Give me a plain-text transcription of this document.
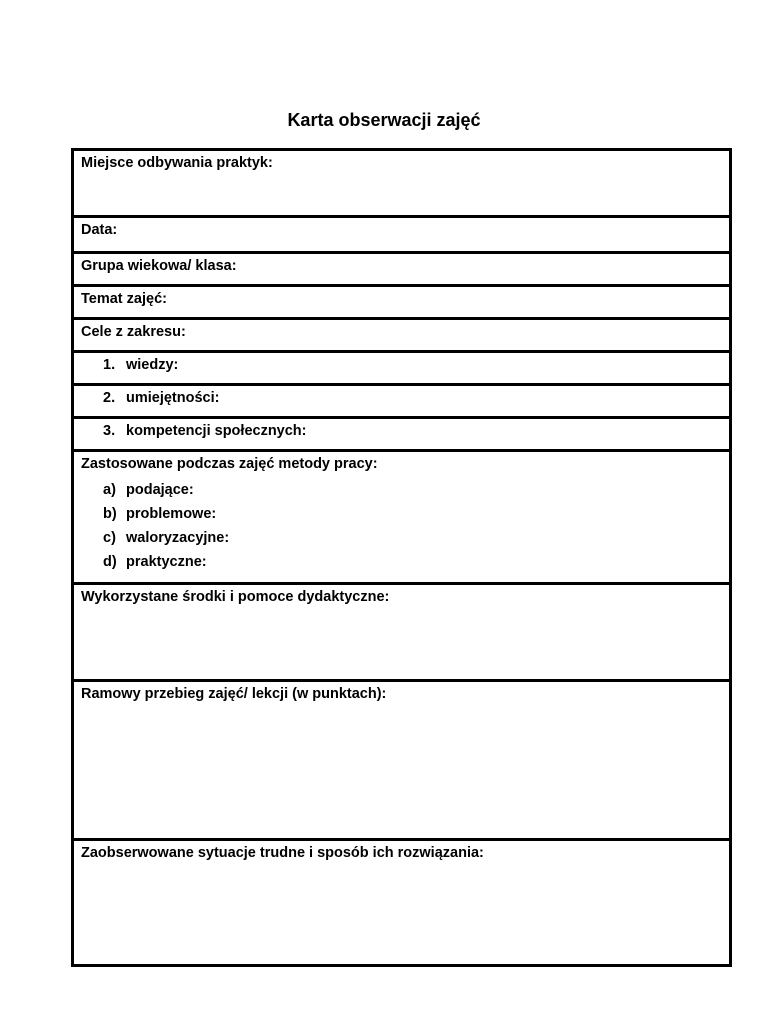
Karta obserwacji zajęć
Miejsce odbywania praktyk:
Data:
Grupa wiekowa/ klasa:
Temat zajęć:
Cele z zakresu:
1. wiedzy:
2. umiejętności:
3. kompetencji społecznych:

Zastosowane podczas zajęć metody pracy:
a) podające:
b) problemowe:
c) waloryzacyjne:
d) praktyczne:

Wykorzystane środki i pomoce dydaktyczne:
Ramowy przebieg zajęć/ lekcji (w punktach):
Zaobserwowane sytuacje trudne i sposób ich rozwiązania:
